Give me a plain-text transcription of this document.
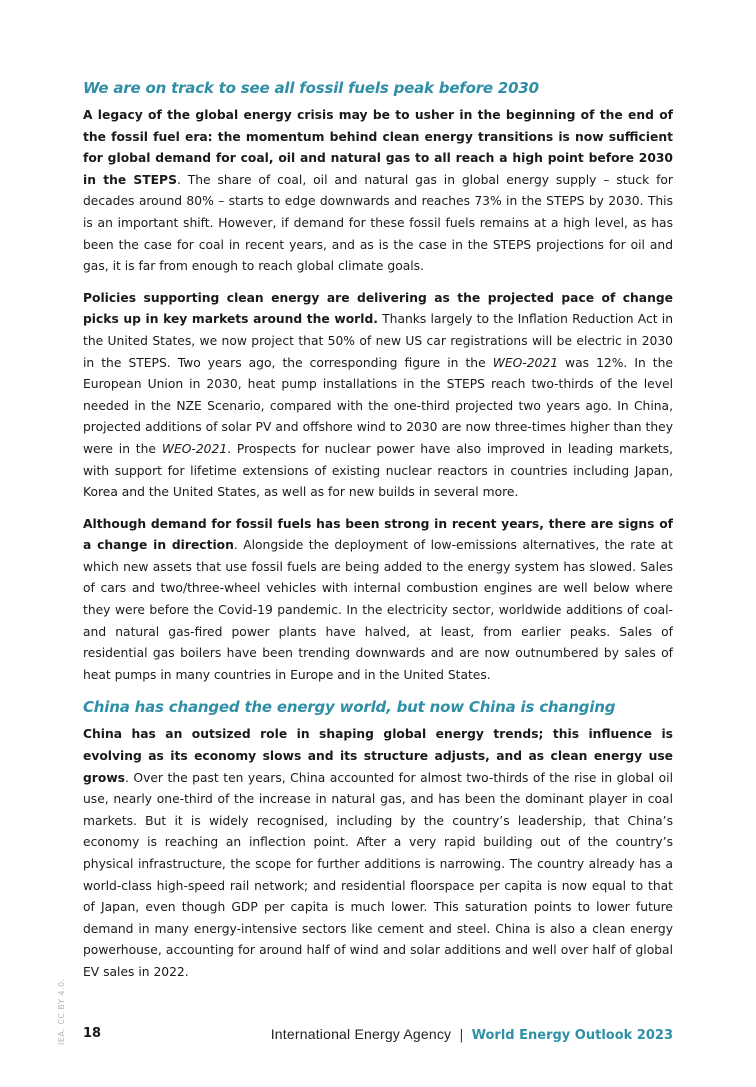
We are on track to see all fossil fuels peak before 2030

A legacy of the global energy crisis may be to usher in the beginning of the end of the fossil fuel era: the momentum behind clean energy transitions is now sufficient for global demand for coal, oil and natural gas to all reach a high point before 2030 in the STEPS. The share of coal, oil and natural gas in global energy supply – stuck for decades around 80% – starts to edge downwards and reaches 73% in the STEPS by 2030. This is an important shift. However, if demand for these fossil fuels remains at a high level, as has been the case for coal in recent years, and as is the case in the STEPS projections for oil and gas, it is far from enough to reach global climate goals.

Policies supporting clean energy are delivering as the projected pace of change picks up in key markets around the world. Thanks largely to the Inflation Reduction Act in the United States, we now project that 50% of new US car registrations will be electric in 2030 in the STEPS. Two years ago, the corresponding figure in the WEO-2021 was 12%. In the European Union in 2030, heat pump installations in the STEPS reach two-thirds of the level needed in the NZE Scenario, compared with the one-third projected two years ago. In China, projected additions of solar PV and offshore wind to 2030 are now three-times higher than they were in the WEO-2021. Prospects for nuclear power have also improved in leading markets, with support for lifetime extensions of existing nuclear reactors in countries including Japan, Korea and the United States, as well as for new builds in several more.

Although demand for fossil fuels has been strong in recent years, there are signs of a change in direction. Alongside the deployment of low-emissions alternatives, the rate at which new assets that use fossil fuels are being added to the energy system has slowed. Sales of cars and two/three-wheel vehicles with internal combustion engines are well below where they were before the Covid-19 pandemic. In the electricity sector, worldwide additions of coal- and natural gas-fired power plants have halved, at least, from earlier peaks. Sales of residential gas boilers have been trending downwards and are now outnumbered by sales of heat pumps in many countries in Europe and in the United States.

China has changed the energy world, but now China is changing

China has an outsized role in shaping global energy trends; this influence is evolving as its economy slows and its structure adjusts, and as clean energy use grows. Over the past ten years, China accounted for almost two-thirds of the rise in global oil use, nearly one-third of the increase in natural gas, and has been the dominant player in coal markets. But it is widely recognised, including by the country’s leadership, that China’s economy is reaching an inflection point. After a very rapid building out of the country’s physical infrastructure, the scope for further additions is narrowing. The country already has a world-class high-speed rail network; and residential floorspace per capita is now equal to that of Japan, even though GDP per capita is much lower. This saturation points to lower future demand in many energy-intensive sectors like cement and steel. China is also a clean energy powerhouse, accounting for around half of wind and solar additions and well over half of global EV sales in 2022.

IEA. CC BY 4.0. 18	International Energy Agency | World Energy Outlook 2023
